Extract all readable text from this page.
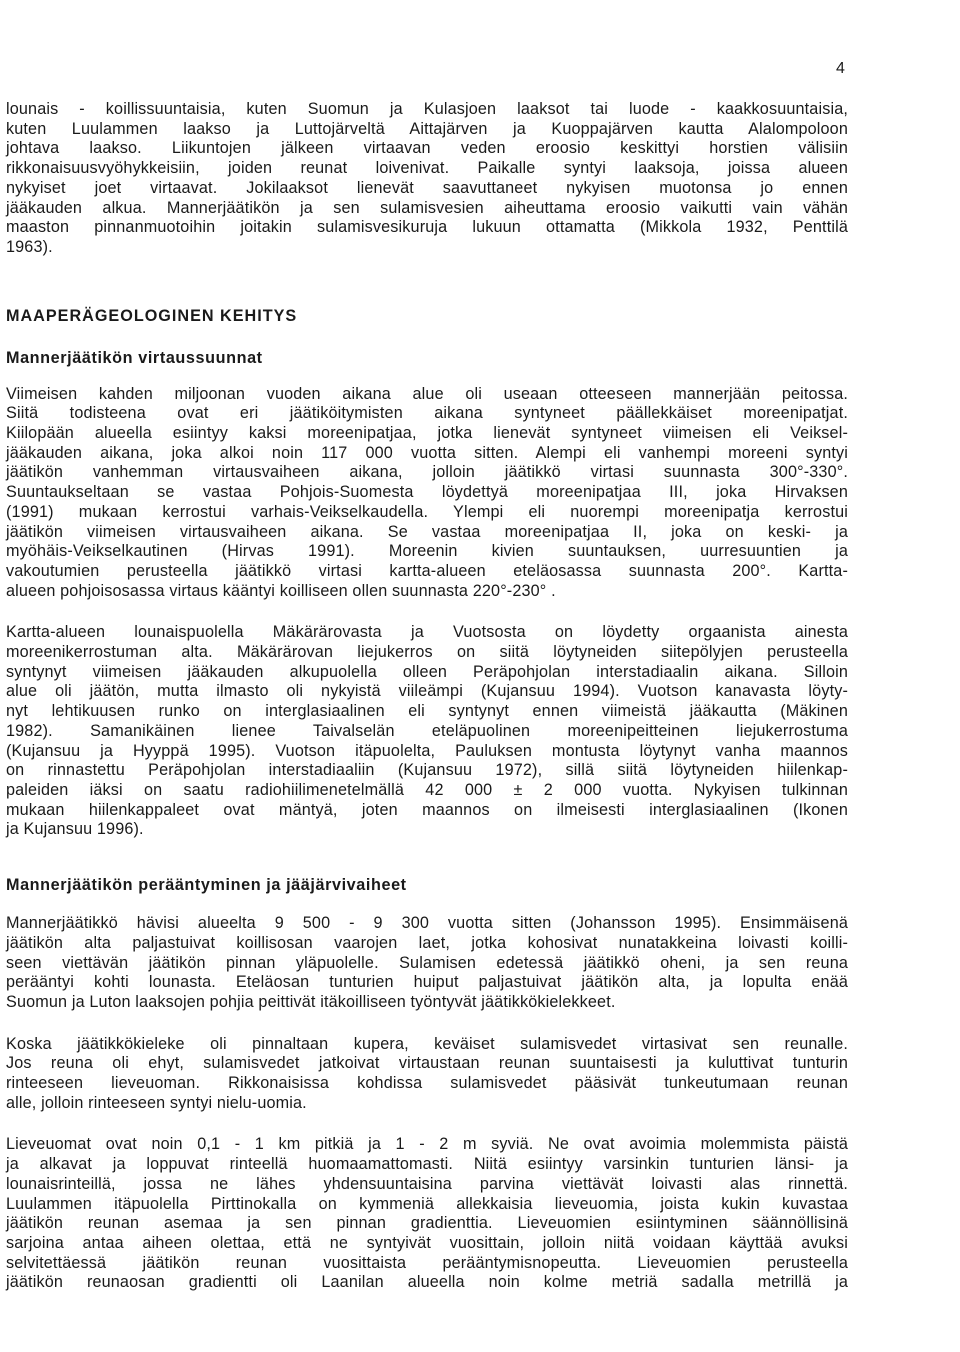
4
lounais - koillissuuntaisia, kuten Suomun ja Kulasjoen laaksot tai luode - kaakkosuuntaisia,
kuten Luulammen laakso ja Luttojärveltä Aittajärven ja Kuoppajärven kautta Alalompoloon
johtava laakso. Liikuntojen jälkeen virtaavan veden eroosio keskittyi horstien välisiin
rikkonaisuusvyöhykkeisiin, joiden reunat loivenivat. Paikalle syntyi laaksoja, joissa alueen
nykyiset joet virtaavat. Jokilaaksot lienevät saavuttaneet nykyisen muotonsa jo ennen
jääkauden alkua. Mannerjäätikön ja sen sulamisvesien aiheuttama eroosio vaikutti vain vähän
maaston pinnanmuotoihin joitakin sulamisvesikuruja lukuun ottamatta (Mikkola 1932, Penttilä
1963).
MAAPERÄGEOLOGINEN KEHITYS
Mannerjäätikön virtaussuunnat
Viimeisen kahden miljoonan vuoden aikana alue oli useaan otteeseen mannerjään peitossa.
Siitä todisteena ovat eri jäätiköitymisten aikana syntyneet päällekkäiset moreenipatjat.
Kiilopään alueella esiintyy kaksi moreenipatjaa, jotka lienevät syntyneet viimeisen eli Veiksel-
jääkauden aikana, joka alkoi noin 117 000 vuotta sitten. Alempi eli vanhempi moreeni syntyi
jäätikön vanhemman virtausvaiheen aikana, jolloin jäätikkö virtasi suunnasta 300°-330°.
Suuntaukseltaan se vastaa Pohjois-Suomesta löydettyä moreenipatjaa III, joka Hirvaksen
(1991) mukaan kerrostui varhais-Veikselkaudella. Ylempi eli nuorempi moreenipatja kerrostui
jäätikön viimeisen virtausvaiheen aikana. Se vastaa moreenipatjaa II, joka on keski- ja
myöhäis-Veikselkautinen (Hirvas 1991). Moreenin kivien suuntauksen, uurresuuntien ja
vakoutumien perusteella jäätikkö virtasi kartta-alueen eteläosassa suunnasta 200°. Kartta-
alueen pohjoisosassa virtaus kääntyi koilliseen ollen suunnasta 220°-230° .
Kartta-alueen lounaispuolella Mäkärärovasta ja Vuotsosta on löydetty orgaanista ainesta
moreenikerrostuman alta. Mäkärärovan liejukerros on siitä löytyneiden siitepölyjen perusteella
syntynyt viimeisen jääkauden alkupuolella olleen Peräpohjolan interstadiaalin aikana. Silloin
alue oli jäätön, mutta ilmasto oli nykyistä viileämpi (Kujansuu 1994). Vuotson kanavasta löyty-
nyt lehtikuusen runko on interglasiaalinen eli syntynyt ennen viimeistä jääkautta (Mäkinen
1982). Samanikäinen lienee Taivalselän eteläpuolinen moreenipeitteinen liejukerrostuma
(Kujansuu ja Hyyppä 1995). Vuotson itäpuolelta, Pauluksen montusta löytynyt vanha maannos
on rinnastettu Peräpohjolan interstadiaaliin (Kujansuu 1972), sillä siitä löytyneiden hiilenkap-
paleiden iäksi on saatu radiohiilimenetelmällä 42 000 ± 2 000 vuotta. Nykyisen tulkinnan
mukaan hiilenkappaleet ovat mäntyä, joten maannos on ilmeisesti interglasiaalinen (Ikonen
ja Kujansuu 1996).
Mannerjäätikön perääntyminen ja jääjärvivaiheet
Mannerjäätikkö hävisi alueelta 9 500 - 9 300 vuotta sitten (Johansson 1995). Ensimmäisenä
jäätikön alta paljastuivat koillisosan vaarojen laet, jotka kohosivat nunatakkeina loivasti koilli-
seen viettävän jäätikön pinnan yläpuolelle. Sulamisen edetessä jäätikkö oheni, ja sen reuna
perääntyi kohti lounasta. Eteläosan tunturien huiput paljastuivat jäätikön alta, ja lopulta enää
Suomun ja Luton laaksojen pohjia peittivät itäkoilliseen työntyvät jäätikkökielekkeet.
Koska jäätikkökieleke oli pinnaltaan kupera, keväiset sulamisvedet virtasivat sen reunalle.
Jos reuna oli ehyt, sulamisvedet jatkoivat virtaustaan reunan suuntaisesti ja kuluttivat tunturin
rinteeseen lieveuoman. Rikkonaisissa kohdissa sulamisvedet pääsivät tunkeutumaan reunan
alle, jolloin rinteeseen syntyi nielu-uomia.
Lieveuomat ovat noin 0,1 - 1 km pitkiä ja 1 - 2 m syviä. Ne ovat avoimia molemmista päistä
ja alkavat ja loppuvat rinteellä huomaamattomasti. Niitä esiintyy varsinkin tunturien länsi- ja
lounaisrinteillä, jossa ne lähes yhdensuuntaisina parvina viettävät loivasti alas rinnettä.
Luulammen itäpuolella Pirttinokalla on kymmeniä allekkaisia lieveuomia, joista kukin kuvastaa
jäätikön reunan asemaa ja sen pinnan gradienttia. Lieveuomien esiintyminen säännöllisinä
sarjoina antaa aiheen olettaa, että ne syntyivät vuosittain, jolloin niitä voidaan käyttää avuksi
selvitettäessä jäätikön reunan vuosittaista perääntymisnopeutta. Lieveuomien perusteella
jäätikön reunaosan gradientti oli Laanilan alueella noin kolme metriä sadalla metrillä ja
